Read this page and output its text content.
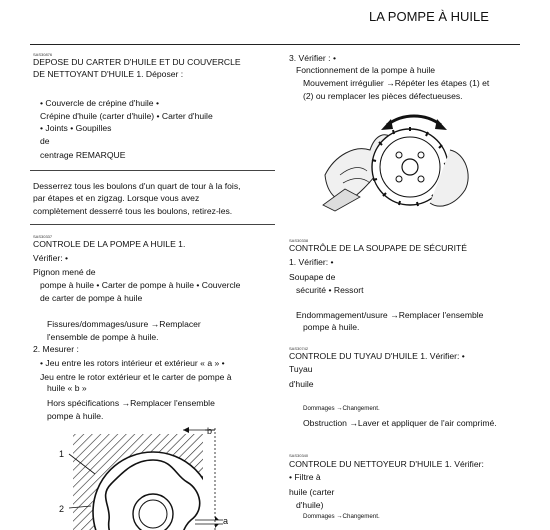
LA POMPE À HUILE
SAS30876
DEPOSE DU CARTER D'HUILE ET DU COUVERCLE
DE NETTOYANT D'HUILE 1. Déposer :
• Couvercle de crépine d'huile •
Crépine d'huile (carter d'huile) • Carter d'huile
• Joints • Goupilles
de
centrage REMARQUE
Desserrez tous les boulons d'un quart de tour à la fois,
par étapes et en zigzag. Lorsque vous avez
complètement desserré tous les boulons, retirez-les.
SAS30337
CONTROLE DE LA POMPE A HUILE 1.
Vérifier: •
Pignon mené de
pompe à huile • Carter de pompe à huile • Couvercle
de carter de pompe à huile
Fissures/dommages/usure →Remplacer
l'ensemble de pompe à huile.
2. Mesurer :
• Jeu entre les rotors intérieur et extérieur « a » •
Jeu entre le rotor extérieur et le carter de pompe à
huile « b »
Hors spécifications →Remplacer l'ensemble
pompe à huile.
1
2
b
a
3. Vérifier : •
Fonctionnement de la pompe à huile
Mouvement irrégulier →Répéter les étapes (1) et
(2) ou remplacer les pièces défectueuses.
SAS30338
CONTRÔLE DE LA SOUPAPE DE SÉCURITÉ
1. Vérifier: •
Soupape de
sécurité • Ressort
Endommagement/usure →Remplacer l'ensemble
pompe à huile.
SAS30742
CONTROLE DU TUYAU D'HUILE 1. Vérifier: •
Tuyau
d'huile
Dommages →Changement.
Obstruction →Laver et appliquer de l'air comprimé.
SAS30340
CONTROLE DU NETTOYEUR D'HUILE 1. Vérifier:
• Filtre à
huile (carter
d'huile)
Dommages →Changement.
